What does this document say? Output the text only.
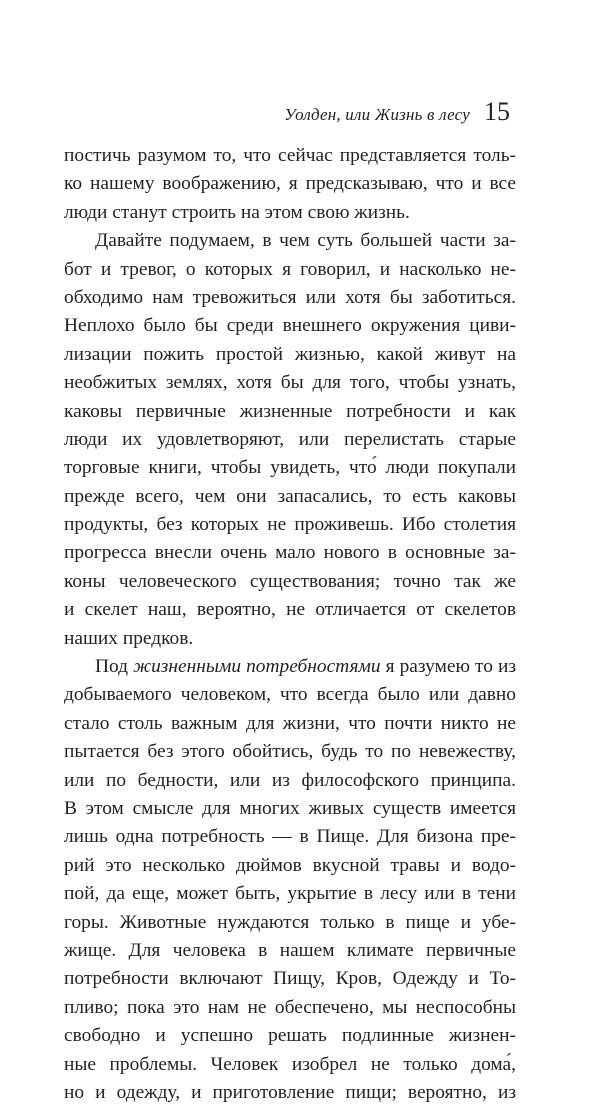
Уолден, или Жизнь в лесу 15
постичь разумом то, что сейчас представляется толь-
ко нашему воображению, я предсказываю, что и все
люди станут строить на этом свою жизнь.
Давайте подумаем, в чем суть большей части за-
бот и тревог, о которых я говорил, и насколько не-
обходимо нам тревожиться или хотя бы заботиться.
Неплохо было бы среди внешнего окружения циви-
лизации пожить простой жизнью, какой живут на
необжитых землях, хотя бы для того, чтобы узнать,
каковы первичные жизненные потребности и как
люди их удовлетворяют, или перелистать старые
торговые книги, чтобы увидеть, что́ люди покупали
прежде всего, чем они запасались, то есть каковы
продукты, без которых не проживешь. Ибо столетия
прогресса внесли очень мало нового в основные за-
коны человеческого существования; точно так же
и скелет наш, вероятно, не отличается от скелетов
наших предков.
Под жизненными потребностями я разумею то из
добываемого человеком, что всегда было или давно
стало столь важным для жизни, что почти никто не
пытается без этого обойтись, будь то по невежеству,
или по бедности, или из философского принципа.
В этом смысле для многих живых существ имеется
лишь одна потребность — в Пище. Для бизона пре-
рий это несколько дюймов вкусной травы и водо-
пой, да еще, может быть, укрытие в лесу или в тени
горы. Животные нуждаются только в пище и убе-
жище. Для человека в нашем климате первичные
потребности включают Пищу, Кров, Одежду и То-
пливо; пока это нам не обеспечено, мы неспособны
свободно и успешно решать подлинные жизнен-
ные проблемы. Человек изобрел не только дома́,
но и одежду, и приготовление пищи; вероятно, из
